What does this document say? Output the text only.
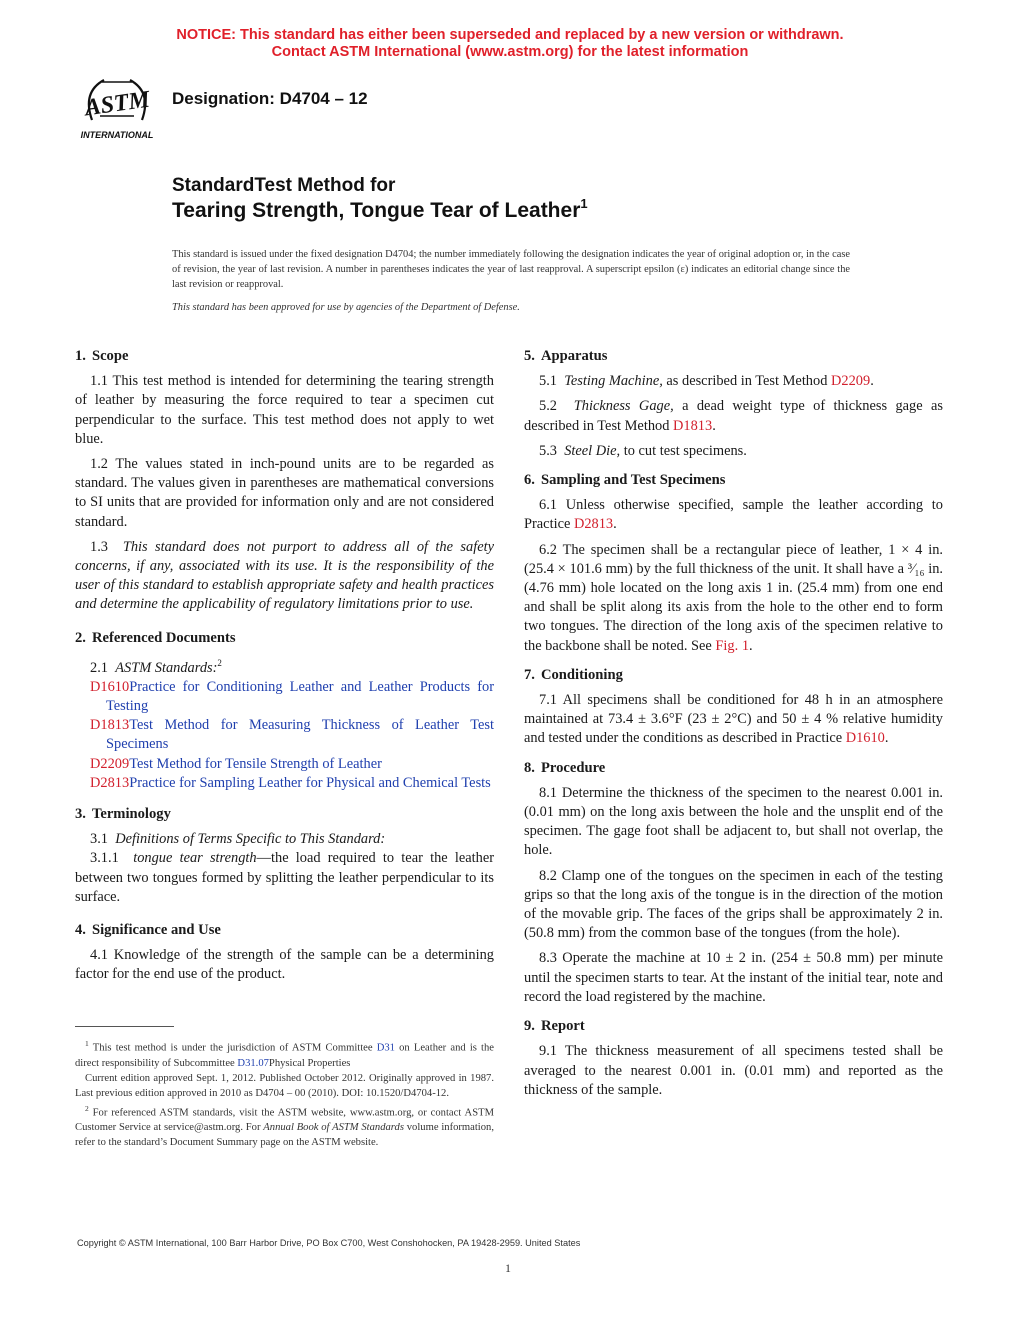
NOTICE: This standard has either been superseded and replaced by a new version or withdrawn.
Contact ASTM International (www.astm.org) for the latest information
ASTM
INTERNATIONAL
Designation: D4704 – 12
StandardTest Method for
Tearing Strength, Tongue Tear of Leather$^1$
This standard is issued under the fixed designation D4704; the number immediately following the designation indicates the year of original adoption or, in the case of revision, the year of last revision. A number in parentheses indicates the year of last reapproval. A superscript epsilon (ε) indicates an editorial change since the last revision or reapproval.
This standard has been approved for use by agencies of the Department of Defense.
1. Scope
1.1 This test method is intended for determining the tearing strength of leather by measuring the force required to tear a specimen cut perpendicular to the surface. This test method does not apply to wet blue.
1.2 The values stated in inch-pound units are to be regarded as standard. The values given in parentheses are mathematical conversions to SI units that are provided for information only and are not considered standard.
1.3 This standard does not purport to address all of the safety concerns, if any, associated with its use. It is the responsibility of the user of this standard to establish appropriate safety and health practices and determine the applicability of regulatory limitations prior to use.
2. Referenced Documents
2.1 ASTM Standards:$^2$
D1610Practice for Conditioning Leather and Leather Products for Testing
D1813Test Method for Measuring Thickness of Leather Test Specimens
D2209Test Method for Tensile Strength of Leather
D2813Practice for Sampling Leather for Physical and Chemical Tests
3. Terminology
3.1 Definitions of Terms Specific to This Standard:
3.1.1 tongue tear strength—the load required to tear the leather between two tongues formed by splitting the leather perpendicular to its surface.
4. Significance and Use
4.1 Knowledge of the strength of the sample can be a determining factor for the end use of the product.
$^1$ This test method is under the jurisdiction of ASTM Committee D31 on Leather and is the direct responsibility of Subcommittee D31.07Physical Properties
Current edition approved Sept. 1, 2012. Published October 2012. Originally approved in 1987. Last previous edition approved in 2010 as D4704 – 00 (2010). DOI: 10.1520/D4704-12.
$^2$ For referenced ASTM standards, visit the ASTM website, www.astm.org, or contact ASTM Customer Service at service@astm.org. For Annual Book of ASTM Standards volume information, refer to the standard’s Document Summary page on the ASTM website.
5. Apparatus
5.1 Testing Machine, as described in Test Method D2209.
5.2 Thickness Gage, a dead weight type of thickness gage as described in Test Method D1813.
5.3 Steel Die, to cut test specimens.
6. Sampling and Test Specimens
6.1 Unless otherwise specified, sample the leather according to Practice D2813.
6.2 The specimen shall be a rectangular piece of leather, 1 × 4 in. (25.4 × 101.6 mm) by the full thickness of the unit. It shall have a ³⁄₁₆ in. (4.76 mm) hole located on the long axis 1 in. (25.4 mm) from one end and shall be split along its axis from the hole to the other end to form two tongues. The direction of the long axis of the specimen relative to the backbone shall be noted. See Fig. 1.
7. Conditioning
7.1 All specimens shall be conditioned for 48 h in an atmosphere maintained at 73.4 ± 3.6°F (23 ± 2°C) and 50 ± 4 % relative humidity and tested under the conditions as described in Practice D1610.
8. Procedure
8.1 Determine the thickness of the specimen to the nearest 0.001 in. (0.01 mm) on the long axis between the hole and the unsplit end of the specimen. The gage foot shall be adjacent to, but shall not overlap, the hole.
8.2 Clamp one of the tongues on the specimen in each of the testing grips so that the long axis of the tongue is in the direction of the motion of the movable grip. The faces of the grips shall be approximately 2 in. (50.8 mm) from the common base of the tongues (from the hole).
8.3 Operate the machine at 10 ± 2 in. (254 ± 50.8 mm) per minute until the specimen starts to tear. At the instant of the initial tear, note and record the load registered by the machine.
9. Report
9.1 The thickness measurement of all specimens tested shall be averaged to the nearest 0.001 in. (0.01 mm) and reported as the thickness of the sample.
Copyright © ASTM International, 100 Barr Harbor Drive, PO Box C700, West Conshohocken, PA 19428-2959. United States
1
